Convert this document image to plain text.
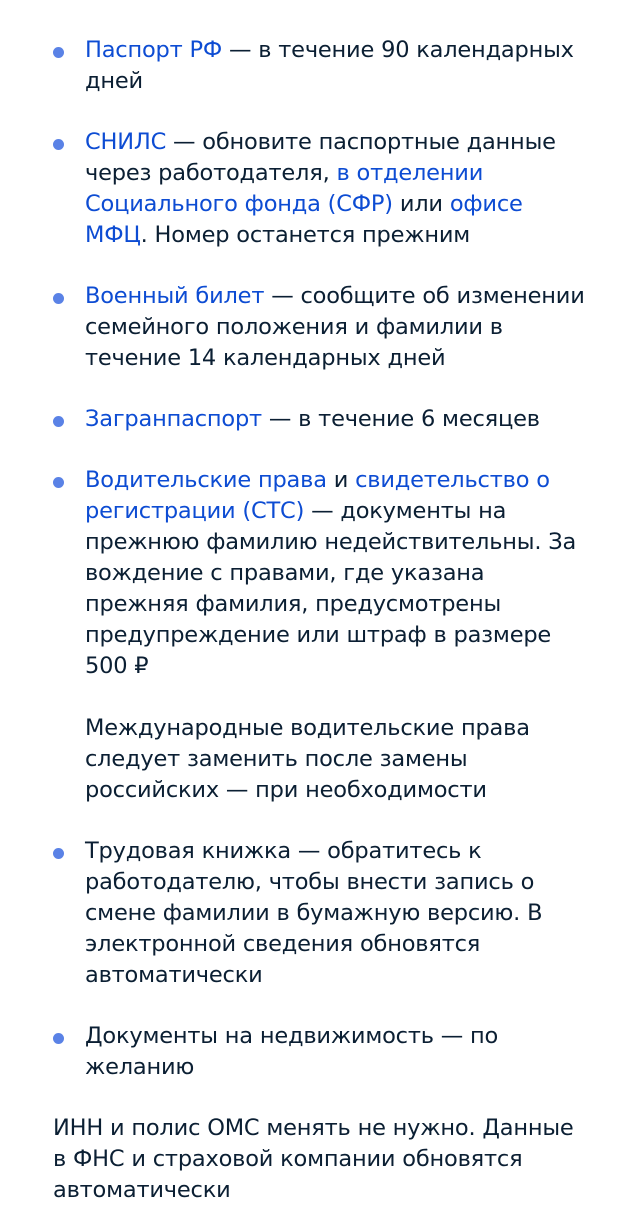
Паспорт РФ — в течение 90 календарных дней

СНИЛС — обновите паспортные данные через работодателя, в отделении Социального фонда (СФР) или офисе МФЦ. Номер останется прежним

Военный билет — сообщите об изменении семейного положения и фамилии в течение 14 календарных дней

Загранпаспорт — в течение 6 месяцев

Водительские права и свидетельство о регистрации (СТС) — документы на прежнюю фамилию недействительны. За вождение с правами, где указана прежняя фамилия, предусмотрены предупреждение или штраф в размере 500 ₽

Международные водительские права следует заменить после замены российских — при необходимости

Трудовая книжка — обратитесь к работодателю, чтобы внести запись о смене фамилии в бумажную версию. В электронной сведения обновятся автоматически

Документы на недвижимость — по желанию

ИНН и полис ОМС менять не нужно. Данные в ФНС и страховой компании обновятся автоматически
